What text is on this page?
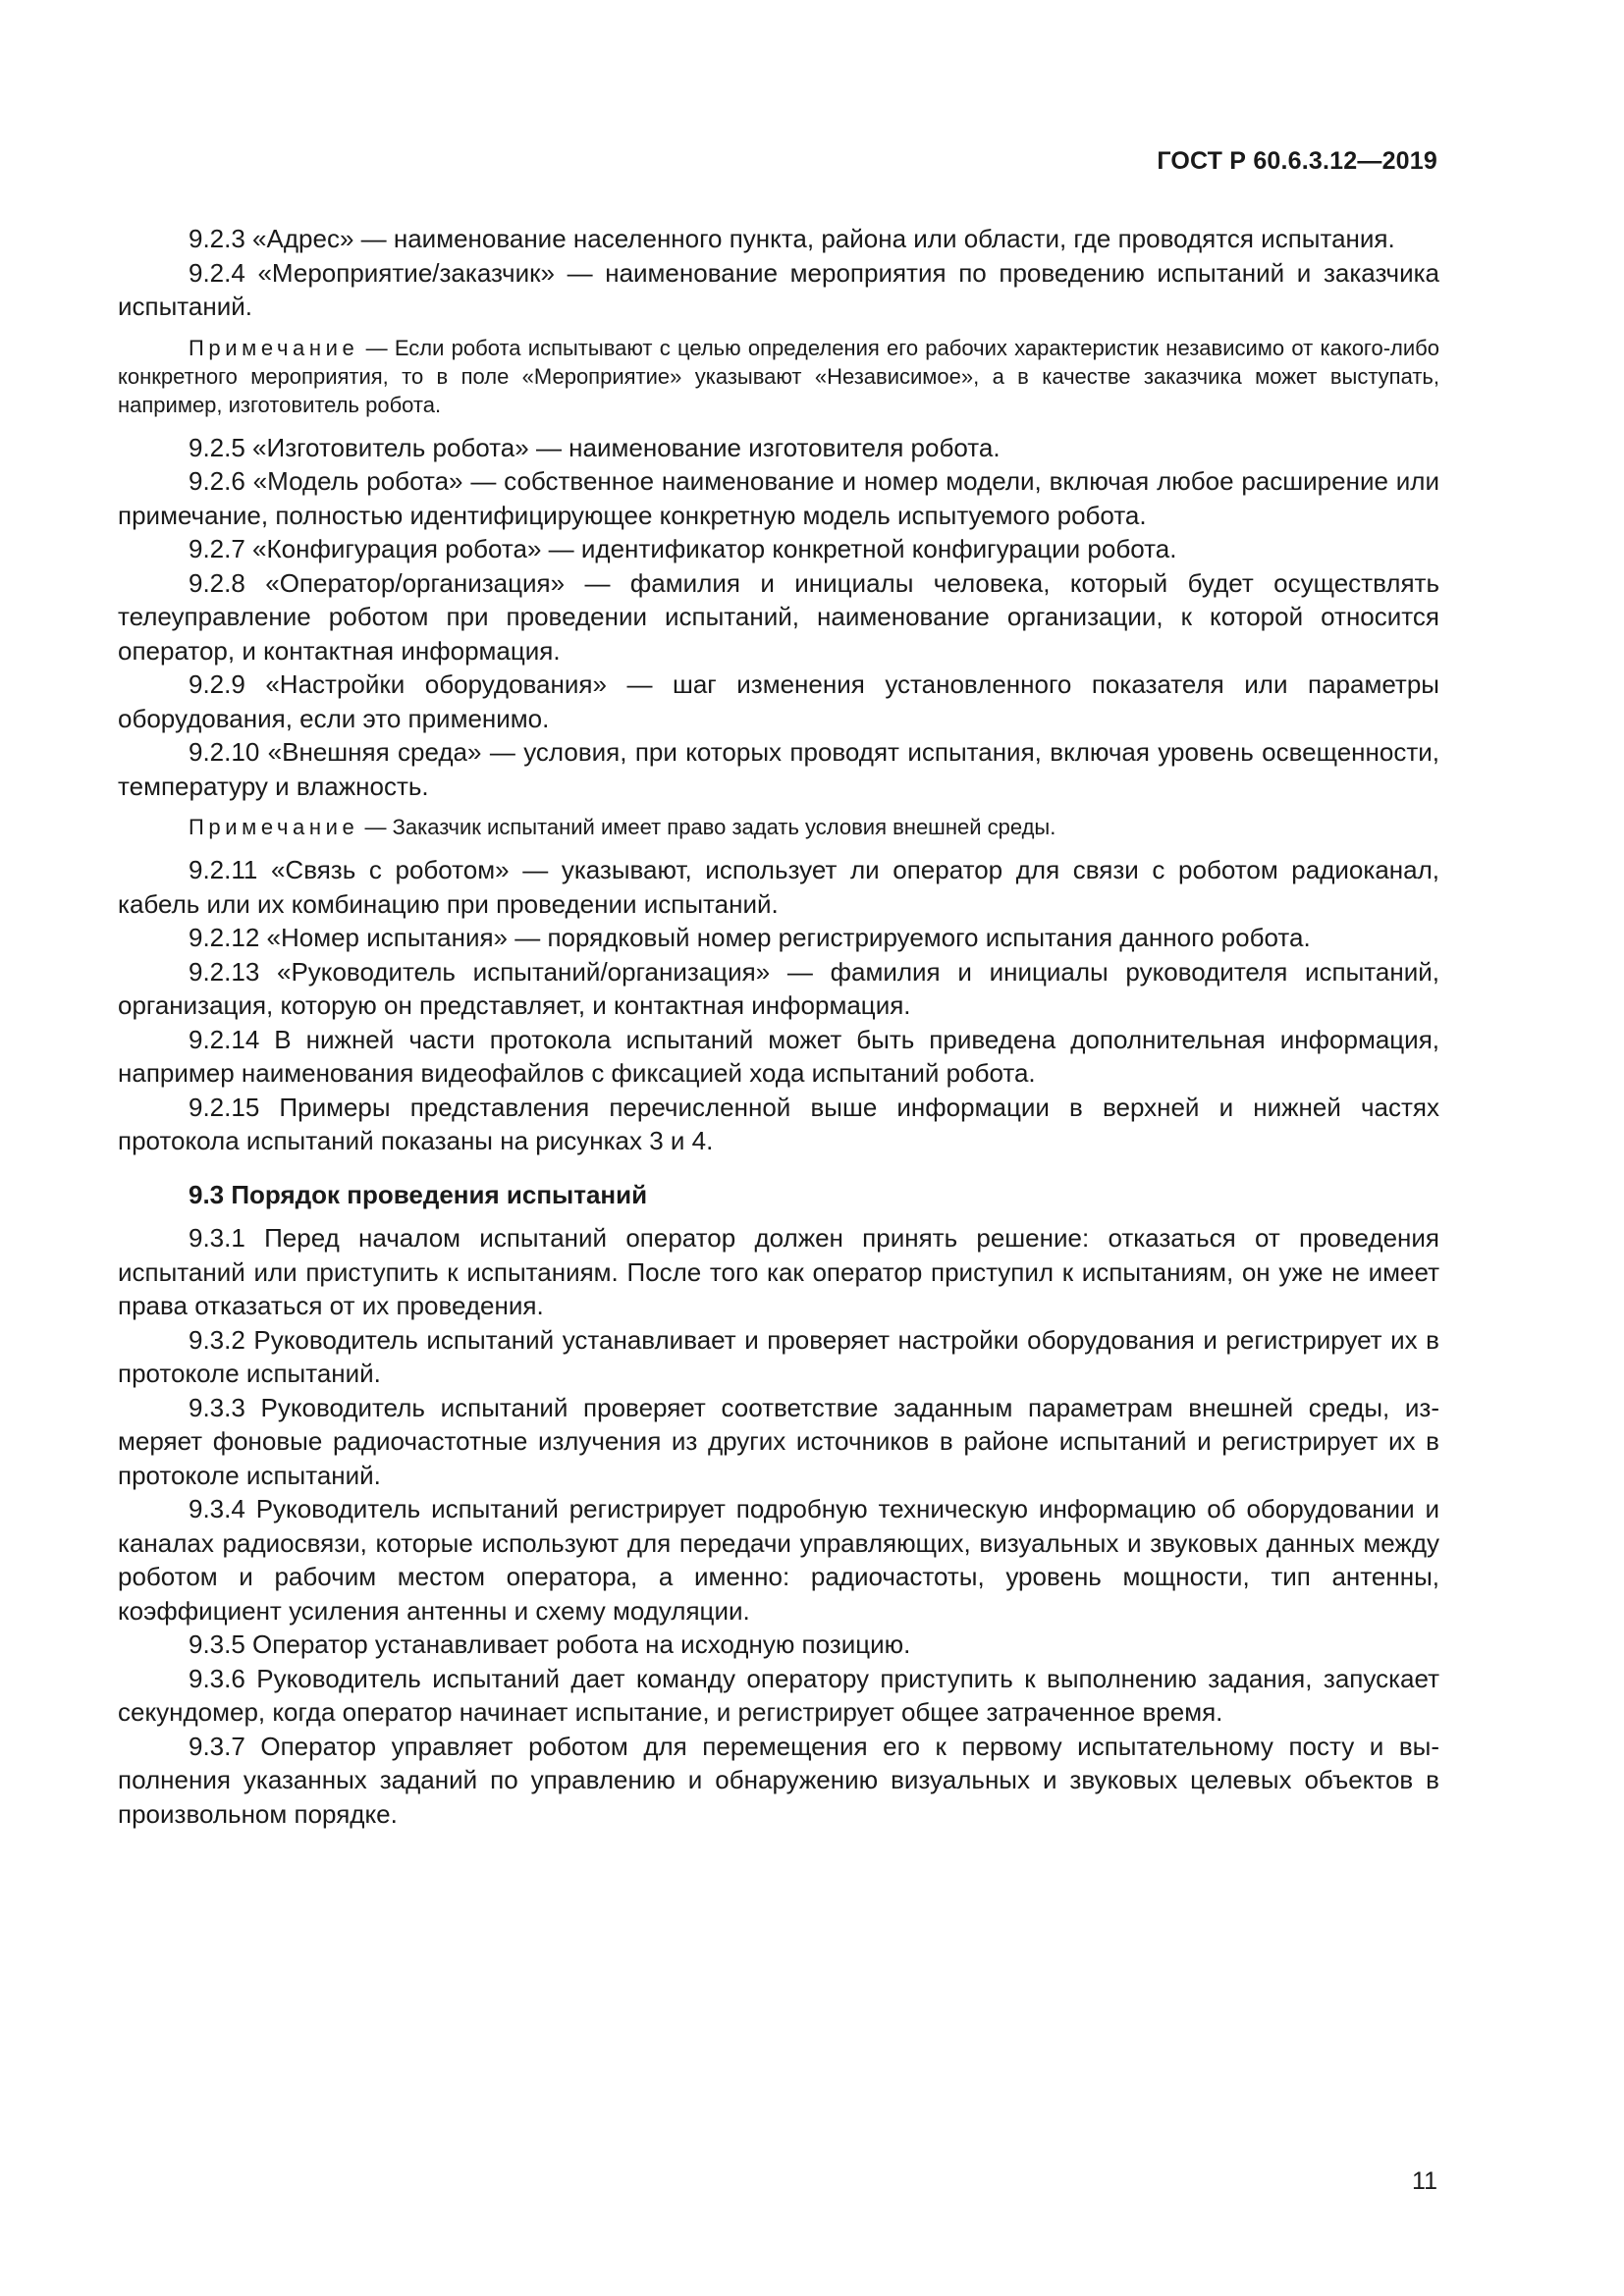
ГОСТ Р 60.6.3.12—2019

9.2.3 «Адрес» — наименование населенного пункта, района или области, где проводятся испытания.

9.2.4 «Мероприятие/заказчик» — наименование мероприятия по проведению испытаний и заказчика испытаний.

Примечание — Если робота испытывают с целью определения его рабочих характеристик независимо от какого-либо конкретного мероприятия, то в поле «Мероприятие» указывают «Независимое», а в качестве заказчика может выступать, например, изготовитель робота.

9.2.5 «Изготовитель робота» — наименование изготовителя робота.

9.2.6 «Модель робота» — собственное наименование и номер модели, включая любое расширение или примечание, полностью идентифицирующее конкретную модель испытуемого робота.

9.2.7 «Конфигурация робота» — идентификатор конкретной конфигурации робота.

9.2.8 «Оператор/организация» — фамилия и инициалы человека, который будет осуществлять телеуправление роботом при проведении испытаний, наименование организации, к которой относится оператор, и контактная информация.

9.2.9 «Настройки оборудования» — шаг изменения установленного показателя или параметры оборудования, если это применимо.

9.2.10 «Внешняя среда» — условия, при которых проводят испытания, включая уровень освещенности, температуру и влажность.

Примечание — Заказчик испытаний имеет право задать условия внешней среды.

9.2.11 «Связь с роботом» — указывают, использует ли оператор для связи с роботом радиоканал, кабель или их комбинацию при проведении испытаний.

9.2.12 «Номер испытания» — порядковый номер регистрируемого испытания данного робота.

9.2.13 «Руководитель испытаний/организация» — фамилия и инициалы руководителя испытаний, организация, которую он представляет, и контактная информация.

9.2.14 В нижней части протокола испытаний может быть приведена дополнительная информация, например наименования видеофайлов с фиксацией хода испытаний робота.

9.2.15 Примеры представления перечисленной выше информации в верхней и нижней частях протокола испытаний показаны на рисунках 3 и 4.

9.3 Порядок проведения испытаний

9.3.1 Перед началом испытаний оператор должен принять решение: отказаться от проведения испытаний или приступить к испытаниям. После того как оператор приступил к испытаниям, он уже не имеет права отказаться от их проведения.

9.3.2 Руководитель испытаний устанавливает и проверяет настройки оборудования и регистрирует их в протоколе испытаний.

9.3.3 Руководитель испытаний проверяет соответствие заданным параметрам внешней среды, измеряет фоновые радиочастотные излучения из других источников в районе испытаний и регистрирует их в протоколе испытаний.

9.3.4 Руководитель испытаний регистрирует подробную техническую информацию об оборудовании и каналах радиосвязи, которые используют для передачи управляющих, визуальных и звуковых данных между роботом и рабочим местом оператора, а именно: радиочастоты, уровень мощности, тип антенны, коэффициент усиления антенны и схему модуляции.

9.3.5 Оператор устанавливает робота на исходную позицию.

9.3.6 Руководитель испытаний дает команду оператору приступить к выполнению задания, запускает секундомер, когда оператор начинает испытание, и регистрирует общее затраченное время.

9.3.7 Оператор управляет роботом для перемещения его к первому испытательному посту и выполнения указанных заданий по управлению и обнаружению визуальных и звуковых целевых объектов в произвольном порядке.

11
